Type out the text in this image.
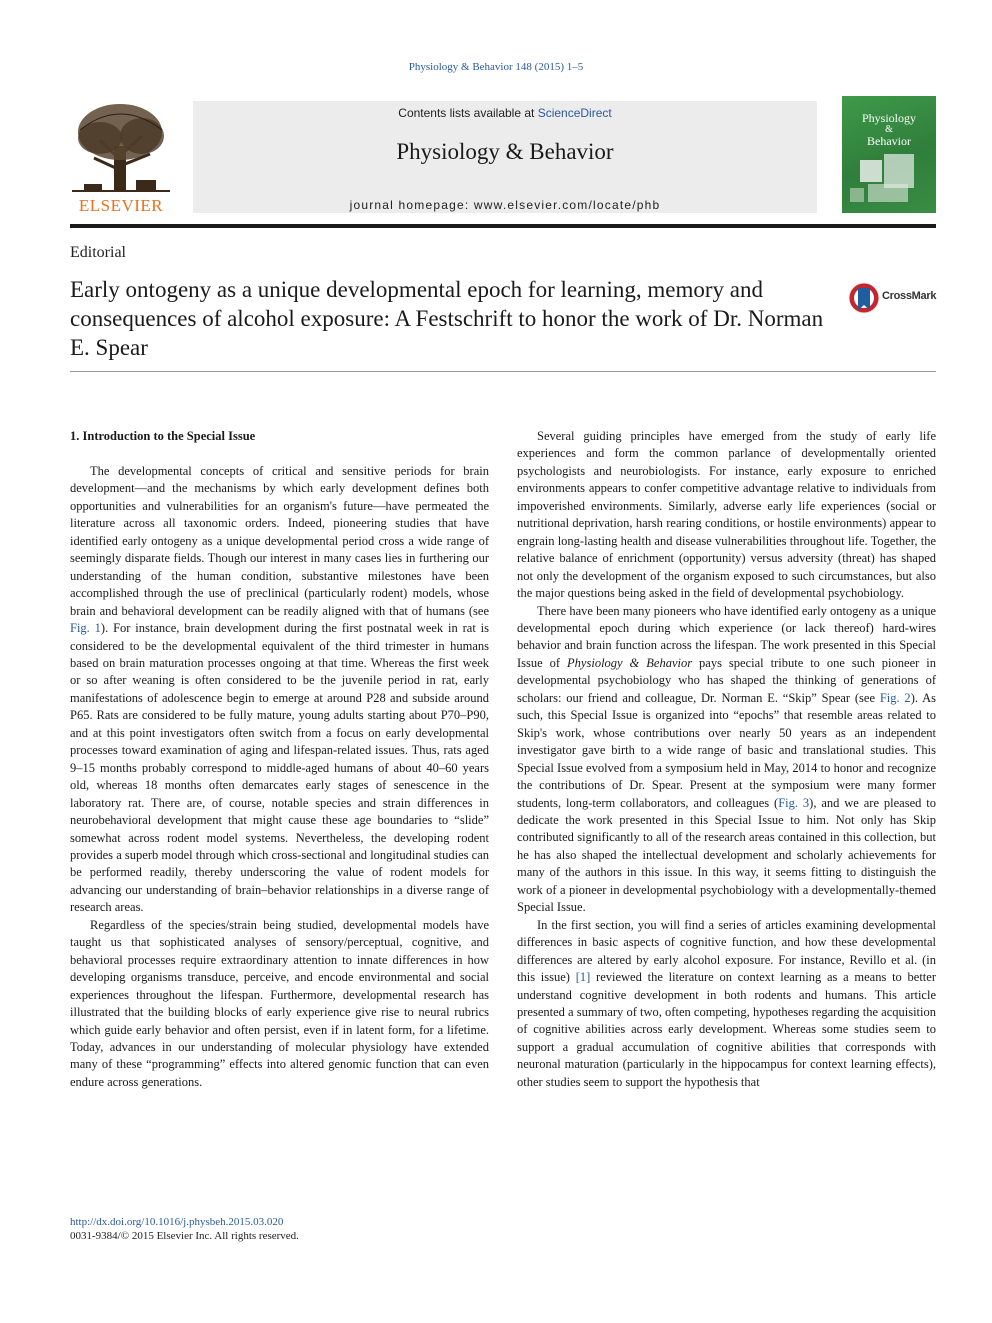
Physiology & Behavior 148 (2015) 1–5
ELSEVIER
Contents lists available at ScienceDirect
Physiology & Behavior
journal homepage: www.elsevier.com/locate/phb
Physiology
&
Behavior
Editorial
Early ontogeny as a unique developmental epoch for learning, memory and consequences of alcohol exposure: A Festschrift to honor the work of Dr. Norman E. Spear
CrossMark
1. Introduction to the Special Issue

The developmental concepts of critical and sensitive periods for brain development—and the mechanisms by which early development defines both opportunities and vulnerabilities for an organism's future—have permeated the literature across all taxonomic orders. Indeed, pioneering studies that have identified early ontogeny as a unique developmental period cross a wide range of seemingly disparate fields. Though our interest in many cases lies in furthering our understanding of the human condition, substantive milestones have been accomplished through the use of preclinical (particularly rodent) models, whose brain and behavioral development can be readily aligned with that of humans (see Fig. 1). For instance, brain development during the first postnatal week in rat is considered to be the developmental equivalent of the third trimester in humans based on brain maturation processes ongoing at that time. Whereas the first week or so after weaning is often considered to be the juvenile period in rat, early manifestations of adolescence begin to emerge at around P28 and subside around P65. Rats are considered to be fully mature, young adults starting about P70–P90, and at this point investigators often switch from a focus on early developmental processes toward examination of aging and lifespan-related issues. Thus, rats aged 9–15 months probably correspond to middle-aged humans of about 40–60 years old, whereas 18 months often demarcates early stages of senescence in the laboratory rat. There are, of course, notable species and strain differences in neurobehavioral development that might cause these age boundaries to “slide” somewhat across rodent model systems. Nevertheless, the developing rodent provides a superb model through which cross-sectional and longitudinal studies can be performed readily, thereby underscoring the value of rodent models for advancing our understanding of brain–behavior relationships in a diverse range of research areas.

Regardless of the species/strain being studied, developmental models have taught us that sophisticated analyses of sensory/perceptual, cognitive, and behavioral processes require extraordinary attention to innate differences in how developing organisms transduce, perceive, and encode environmental and social experiences throughout the lifespan. Furthermore, developmental research has illustrated that the building blocks of early experience give rise to neural rubrics which guide early behavior and often persist, even if in latent form, for a lifetime. Today, advances in our understanding of molecular physiology have extended many of these “programming” effects into altered genomic function that can even endure across generations.

Several guiding principles have emerged from the study of early life experiences and form the common parlance of developmentally oriented psychologists and neurobiologists. For instance, early exposure to enriched environments appears to confer competitive advantage relative to individuals from impoverished environments. Similarly, adverse early life experiences (social or nutritional deprivation, harsh rearing conditions, or hostile environments) appear to engrain long-lasting health and disease vulnerabilities throughout life. Together, the relative balance of enrichment (opportunity) versus adversity (threat) has shaped not only the development of the organism exposed to such circumstances, but also the major questions being asked in the field of developmental psychobiology.

There have been many pioneers who have identified early ontogeny as a unique developmental epoch during which experience (or lack thereof) hard-wires behavior and brain function across the lifespan. The work presented in this Special Issue of Physiology & Behavior pays special tribute to one such pioneer in developmental psychobiology who has shaped the thinking of generations of scholars: our friend and colleague, Dr. Norman E. “Skip” Spear (see Fig. 2). As such, this Special Issue is organized into “epochs” that resemble areas related to Skip's work, whose contributions over nearly 50 years as an independent investigator gave birth to a wide range of basic and translational studies. This Special Issue evolved from a symposium held in May, 2014 to honor and recognize the contributions of Dr. Spear. Present at the symposium were many former students, long-term collaborators, and colleagues (Fig. 3), and we are pleased to dedicate the work presented in this Special Issue to him. Not only has Skip contributed significantly to all of the research areas contained in this collection, but he has also shaped the intellectual development and scholarly achievements for many of the authors in this issue. In this way, it seems fitting to distinguish the work of a pioneer in developmental psychobiology with a developmentally-themed Special Issue.

In the first section, you will find a series of articles examining developmental differences in basic aspects of cognitive function, and how these developmental differences are altered by early alcohol exposure. For instance, Revillo et al. (in this issue) [1] reviewed the literature on context learning as a means to better understand cognitive development in both rodents and humans. This article presented a summary of two, often competing, hypotheses regarding the acquisition of cognitive abilities across early development. Whereas some studies seem to support a gradual accumulation of cognitive abilities that corresponds with neuronal maturation (particularly in the hippocampus for context learning effects), other studies seem to support the hypothesis that

http://dx.doi.org/10.1016/j.physbeh.2015.03.020
0031-9384/© 2015 Elsevier Inc. All rights reserved.
